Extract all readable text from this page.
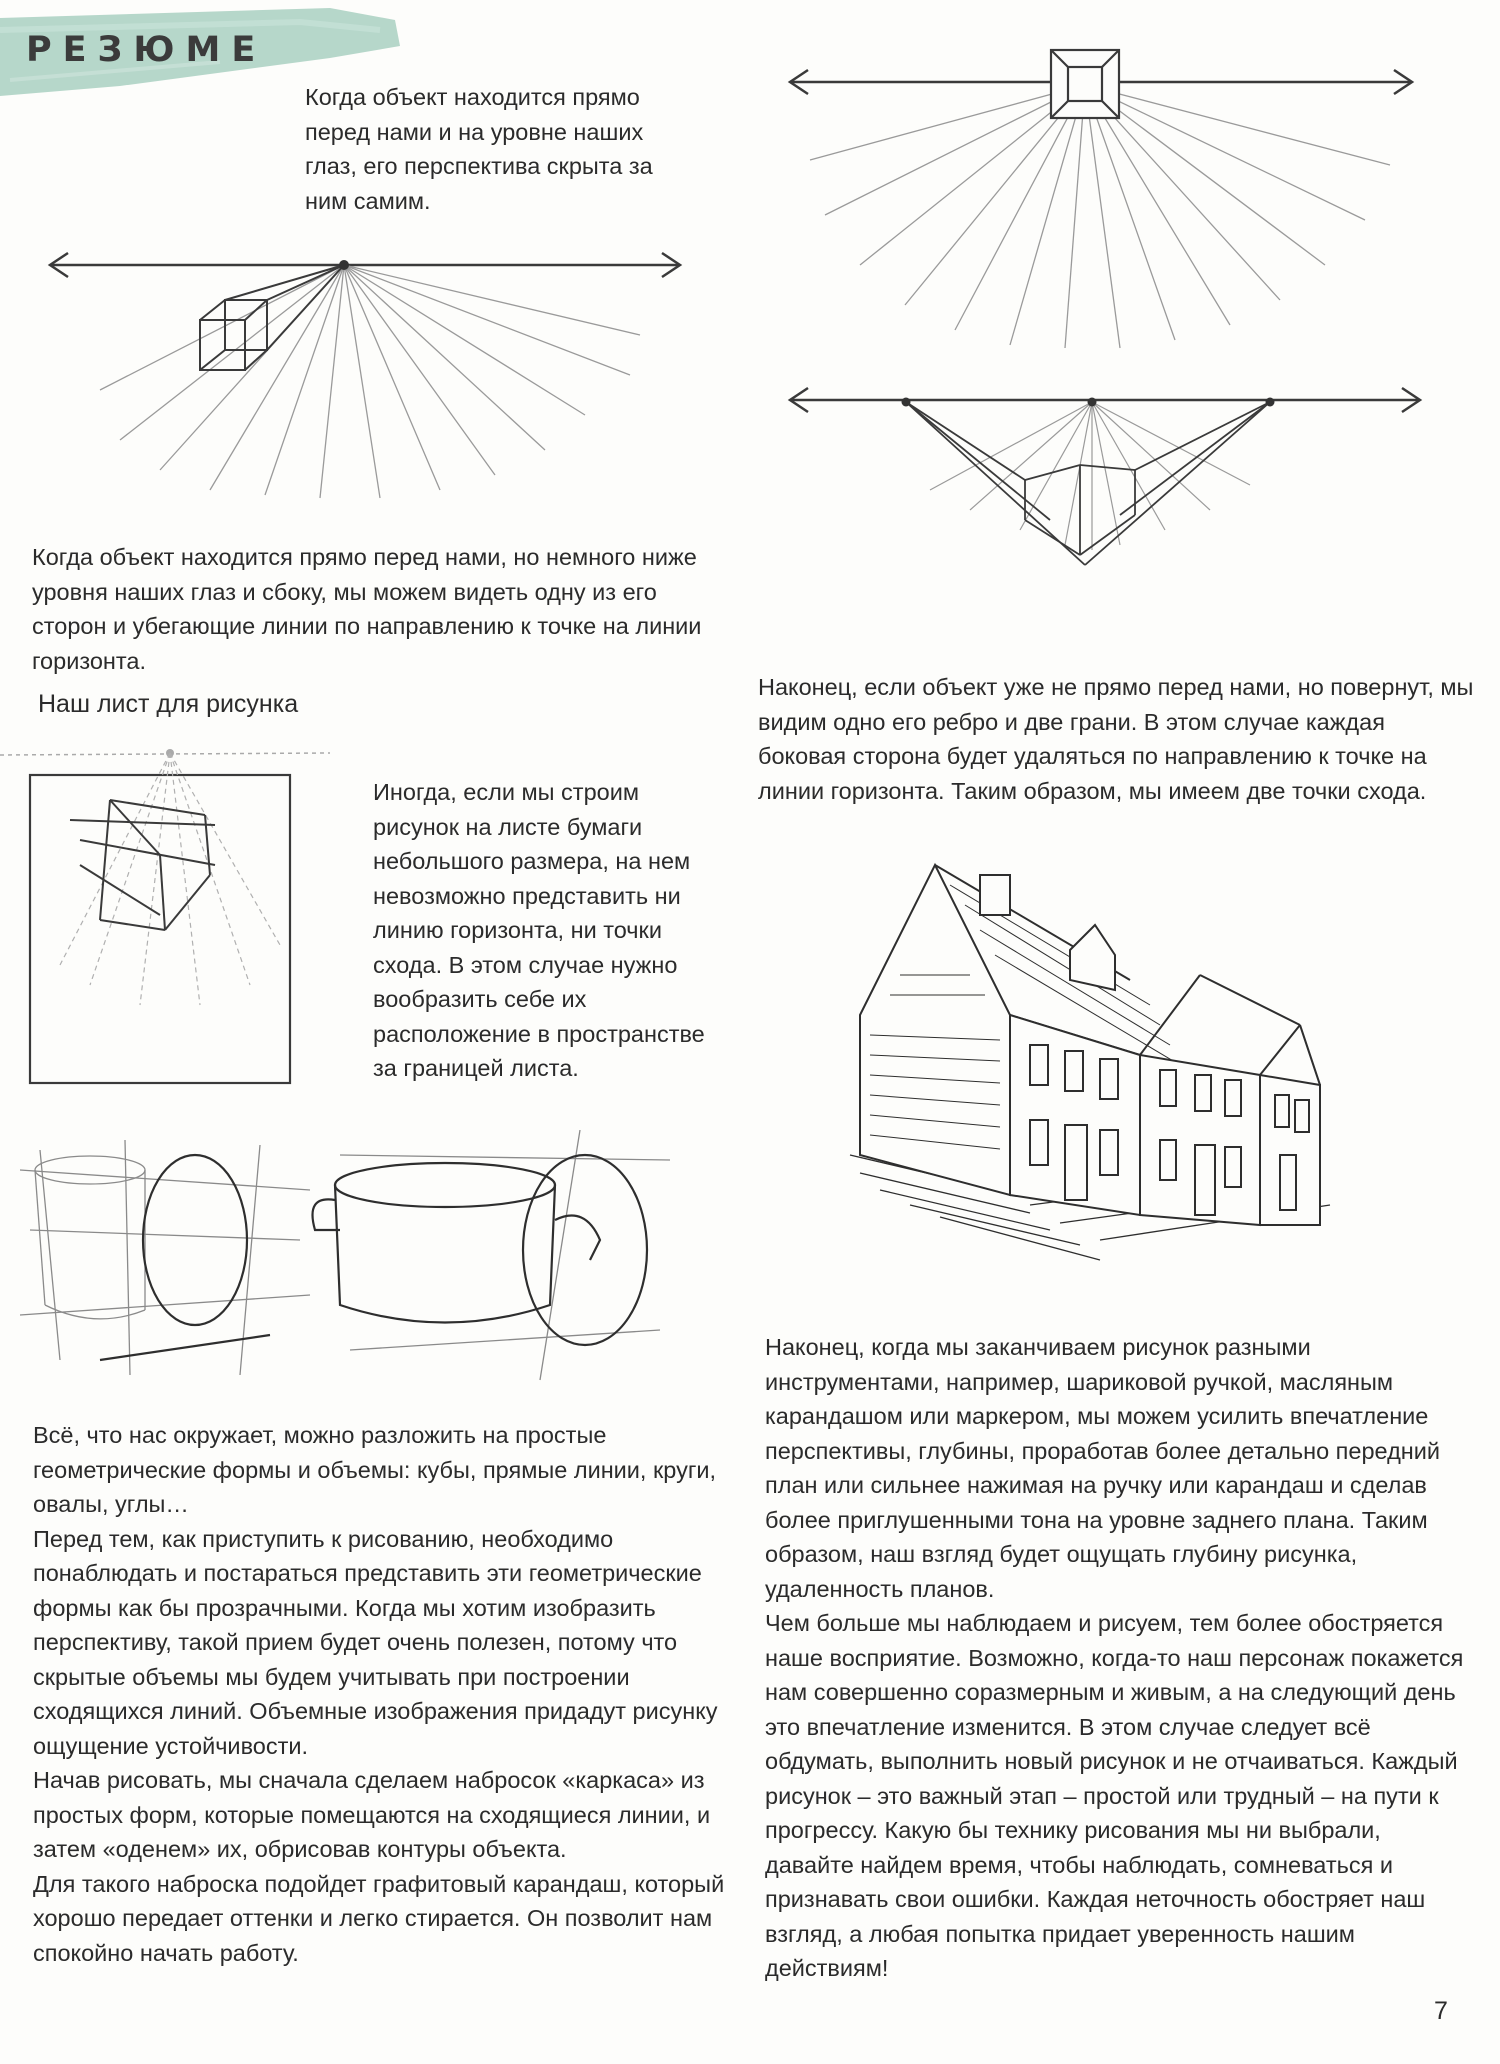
РЕЗЮМЕ

Когда объект находится прямо перед нами и на уровне наших глаз, его перспектива скрыта за ним самим.

Когда объект находится прямо перед нами, но немного ниже уровня наших глаз и сбоку, мы можем видеть одну из его сторон и убегающие линии по направлению к точке на линии горизонта.

Наш лист для рисунка

Наконец, если объект уже не прямо перед нами, но повернут, мы видим одно его ребро и две грани. В этом случае каждая боковая сторона будет удаляться по направлению к точке на линии горизонта. Таким образом, мы имеем две точки схода.

Иногда, если мы строим рисунок на листе бумаги небольшого размера, на нем невозможно представить ни линию горизонта, ни точки схода. В этом случае нужно вообразить себе их расположение в пространстве за границей листа.

Всё, что нас окружает, можно разложить на простые геометрические формы и объемы: кубы, прямые линии, круги, овалы, углы…

Перед тем, как приступить к рисованию, необходимо понаблюдать и постараться представить эти геометрические формы как бы прозрачными. Когда мы хотим изобразить перспективу, такой прием будет очень полезен, потому что скрытые объемы мы будем учитывать при построении сходящихся линий. Объемные изображения придадут рисунку ощущение устойчивости.

Начав рисовать, мы сначала сделаем набросок «каркаса» из простых форм, которые помещаются на сходящиеся линии, и затем «оденем» их, обрисовав контуры объекта.

Для такого наброска подойдет графитовый карандаш, который хорошо передает оттенки и легко стирается. Он позволит нам спокойно начать работу.

Наконец, когда мы заканчиваем рисунок разными инструментами, например, шариковой ручкой, масляным карандашом или маркером, мы можем усилить впечатление перспективы, глубины, проработав более детально передний план или сильнее нажимая на ручку или карандаш и сделав более приглушенными тона на уровне заднего плана. Таким образом, наш взгляд будет ощущать глубину рисунка, удаленность планов.

Чем больше мы наблюдаем и рисуем, тем более обостряется наше восприятие. Возможно, когда-то наш персонаж покажется нам совершенно соразмерным и живым, а на следующий день это впечатление изменится. В этом случае следует всё обдумать, выполнить новый рисунок и не отчаиваться. Каждый рисунок – это важный этап – простой или трудный – на пути к прогрессу. Какую бы технику рисования мы ни выбрали, давайте найдем время, чтобы наблюдать, сомневаться и признавать свои ошибки. Каждая неточность обостряет наш взгляд, а любая попытка придает уверенность нашим действиям!

7
